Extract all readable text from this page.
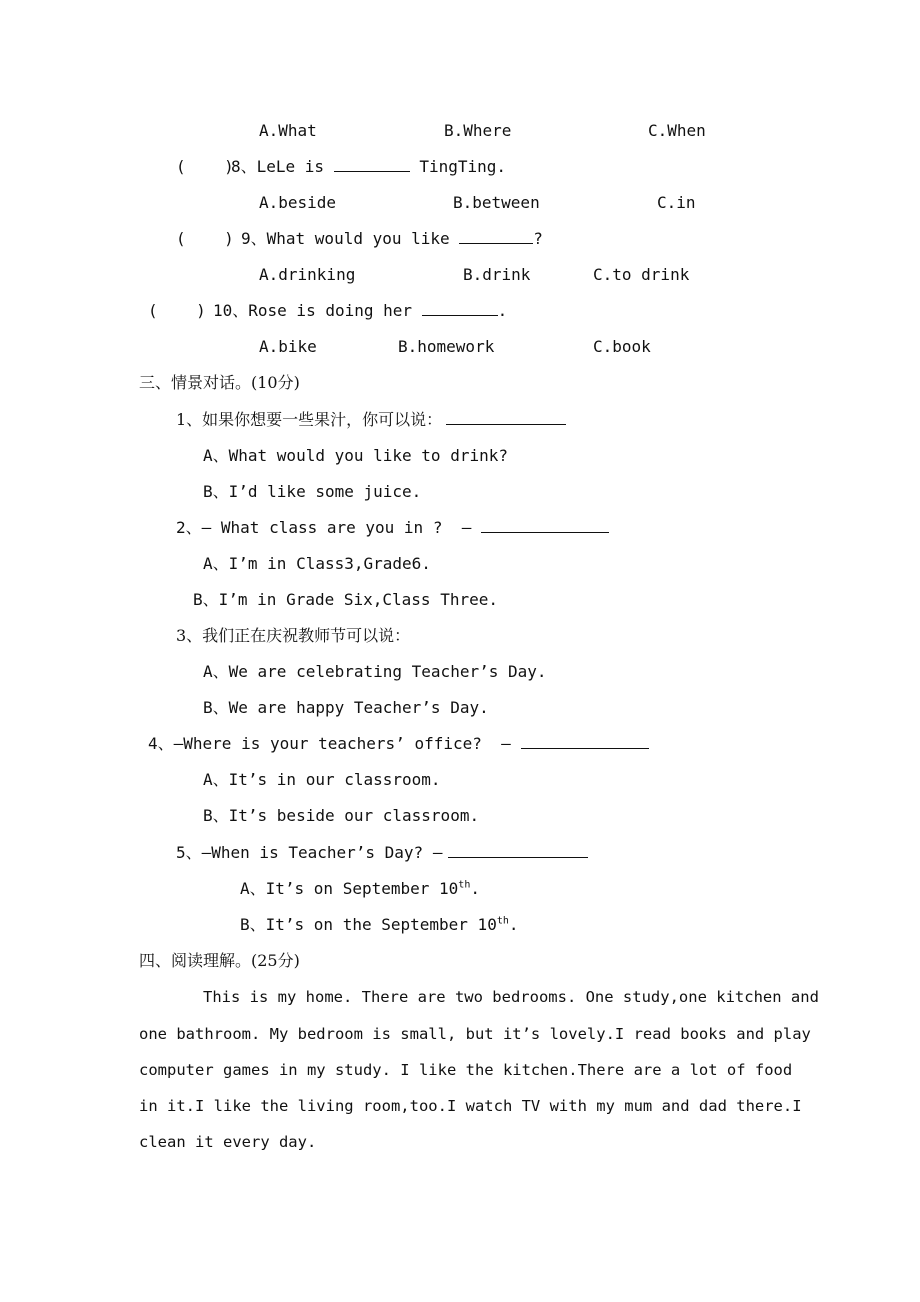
A.What	B.Where	C.When
(    )
8、LeLe is	TingTing.
A.beside	B.between	C.in
(    ) 9、What would you like	?
A.drinking	B.drink	C.to drink
(    ) 10、Rose is doing her	.
A.bike	B.homework	C.book
三、情景对话。(10分)
1、如果你想要一些果汁，你可以说：
A、What would you like to drink?
B、I’d like some juice.
2、— What class are you in ?  —
A、I’m in Class3,Grade6.
B、I’m in Grade Six,Class Three.
3、我们正在庆祝教师节可以说：
A、We are celebrating Teacher’s Day.
B、We are happy Teacher’s Day.
4、—Where is your teachers’ office?  —
A、It’s in our classroom.
B、It’s beside our classroom.
5、—When is Teacher’s Day? —
A、It’s on September 10th.
B、It’s on the September 10th.
四、阅读理解。(25分)
This is my home. There are two bedrooms. One study,one kitchen and
one bathroom. My bedroom is small, but it’s lovely.I read books and play
computer games in my study. I like the kitchen.There are a lot of food
in it.I like the living room,too.I watch TV with my mum and dad there.I
clean it every day.
